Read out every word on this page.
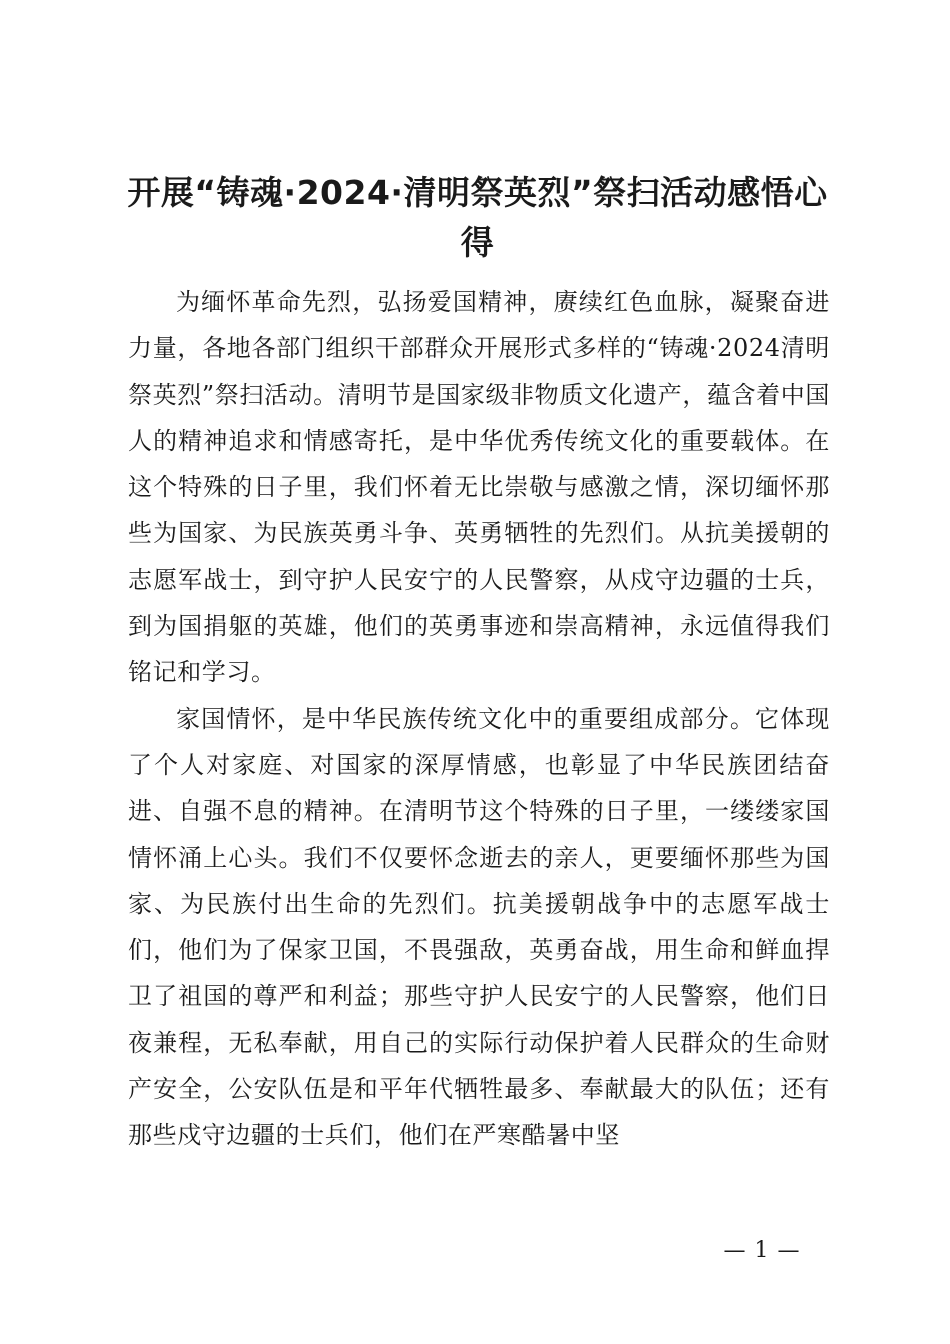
开展“铸魂·2024·清明祭英烈”祭扫活动感悟心得

为缅怀革命先烈，弘扬爱国精神，赓续红色血脉，凝聚奋进力量，各地各部门组织干部群众开展形式多样的“铸魂·2024清明祭英烈”祭扫活动。清明节是国家级非物质文化遗产，蕴含着中国人的精神追求和情感寄托，是中华优秀传统文化的重要载体。在这个特殊的日子里，我们怀着无比崇敬与感激之情，深切缅怀那些为国家、为民族英勇斗争、英勇牺牲的先烈们。从抗美援朝的志愿军战士，到守护人民安宁的人民警察，从戍守边疆的士兵，到为国捐躯的英雄，他们的英勇事迹和崇高精神，永远值得我们铭记和学习。

家国情怀，是中华民族传统文化中的重要组成部分。它体现了个人对家庭、对国家的深厚情感，也彰显了中华民族团结奋进、自强不息的精神。在清明节这个特殊的日子里，一缕缕家国情怀涌上心头。我们不仅要怀念逝去的亲人，更要缅怀那些为国家、为民族付出生命的先烈们。抗美援朝战争中的志愿军战士们，他们为了保家卫国，不畏强敌，英勇奋战，用生命和鲜血捍卫了祖国的尊严和利益；那些守护人民安宁的人民警察，他们日夜兼程，无私奉献，用自己的实际行动保护着人民群众的生命财产安全，公安队伍是和平年代牺牲最多、奉献最大的队伍；还有那些戍守边疆的士兵们，他们在严寒酷暑中坚

— 1 —
